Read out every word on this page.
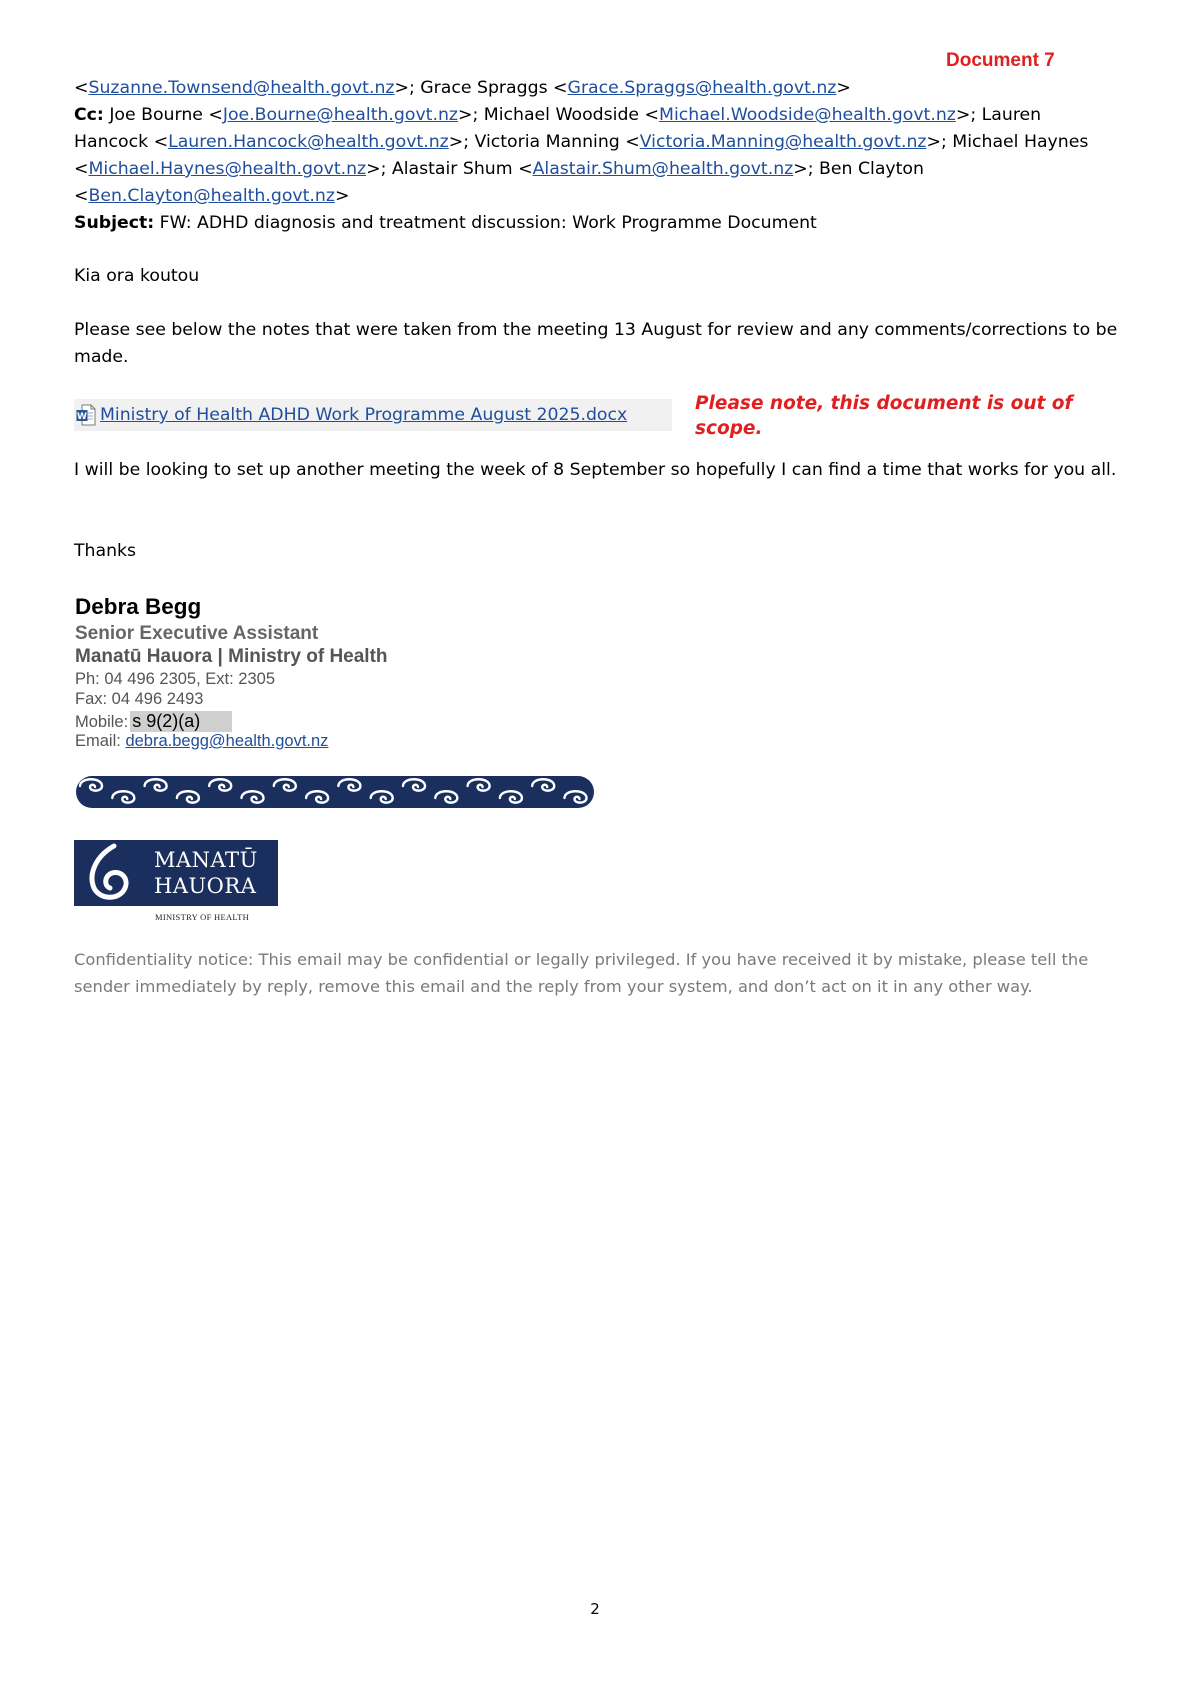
Document 7
<Suzanne.Townsend@health.govt.nz>; Grace Spraggs <Grace.Spraggs@health.govt.nz>
Cc: Joe Bourne <Joe.Bourne@health.govt.nz>; Michael Woodside <Michael.Woodside@health.govt.nz>; Lauren
Hancock <Lauren.Hancock@health.govt.nz>; Victoria Manning <Victoria.Manning@health.govt.nz>; Michael Haynes
<Michael.Haynes@health.govt.nz>; Alastair Shum <Alastair.Shum@health.govt.nz>; Ben Clayton
<Ben.Clayton@health.govt.nz>
Subject: FW: ADHD diagnosis and treatment discussion: Work Programme Document
Kia ora koutou
Please see below the notes that were taken from the meeting 13 August for review and any comments/corrections to be made.
W Ministry of Health ADHD Work Programme August 2025.docx
Please note, this document is out of scope.
I will be looking to set up another meeting the week of 8 September so hopefully I can find a time that works for you all.
Thanks
Debra Begg
Senior Executive Assistant
Manatū Hauora | Ministry of Health
Ph: 04 496 2305, Ext: 2305
Fax: 04 496 2493
Mobile: s 9(2)(a)
Email: debra.begg@health.govt.nz
MANATŪ
HAUORA
MINISTRY OF HEALTH
Confidentiality notice: This email may be confidential or legally privileged. If you have received it by mistake, please tell the sender immediately by reply, remove this email and the reply from your system, and don’t act on it in any other way.
2
